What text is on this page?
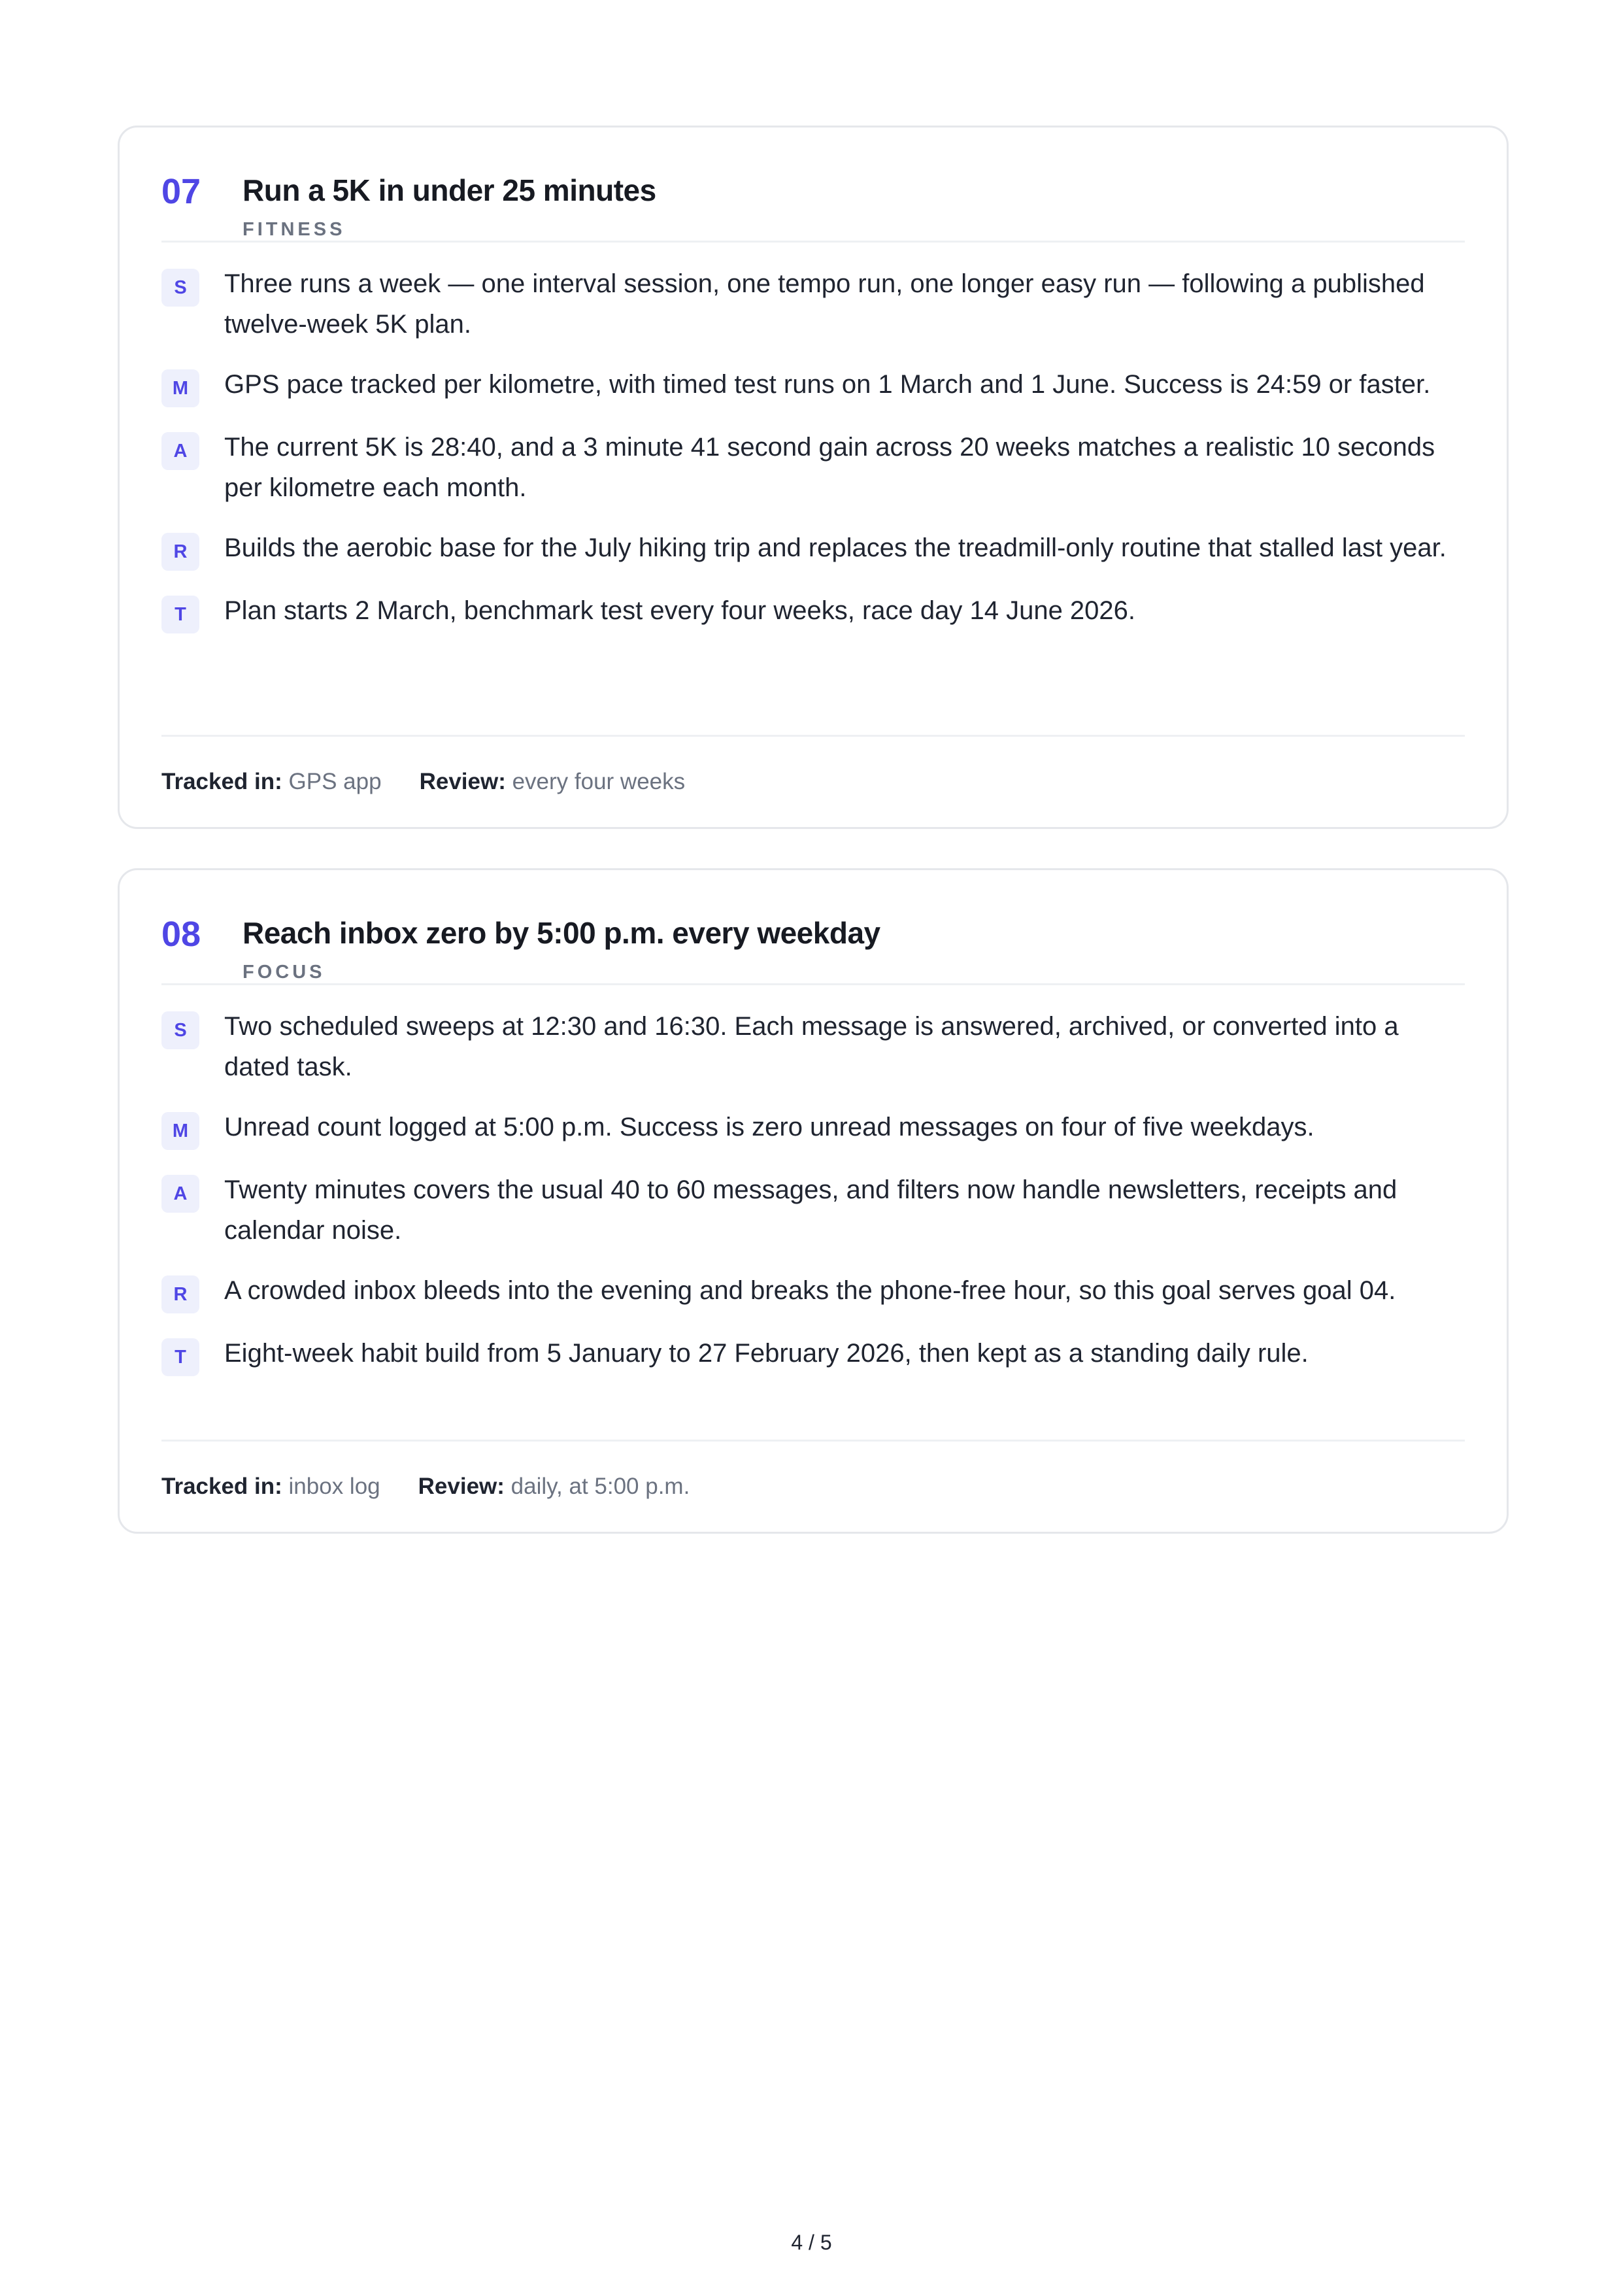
07	Run a 5K in under 25 minutes
FITNESS
S	Three runs a week — one interval session, one tempo run, one longer easy run — following a published twelve-week 5K plan.
M	GPS pace tracked per kilometre, with timed test runs on 1 March and 1 June. Success is 24:59 or faster.
A	The current 5K is 28:40, and a 3 minute 41 second gain across 20 weeks matches a realistic 10 seconds per kilometre each month.
R	Builds the aerobic base for the July hiking trip and replaces the treadmill-only routine that stalled last year.
T	Plan starts 2 March, benchmark test every four weeks, race day 14 June 2026.
Tracked in: GPS app Review: every four weeks
08	Reach inbox zero by 5:00 p.m. every weekday
FOCUS
S	Two scheduled sweeps at 12:30 and 16:30. Each message is answered, archived, or converted into a dated task.
M	Unread count logged at 5:00 p.m. Success is zero unread messages on four of five weekdays.
A	Twenty minutes covers the usual 40 to 60 messages, and filters now handle newsletters, receipts and calendar noise.
R	A crowded inbox bleeds into the evening and breaks the phone-free hour, so this goal serves goal 04.
T	Eight-week habit build from 5 January to 27 February 2026, then kept as a standing daily rule.
Tracked in: inbox log Review: daily, at 5:00 p.m.
4 / 5
